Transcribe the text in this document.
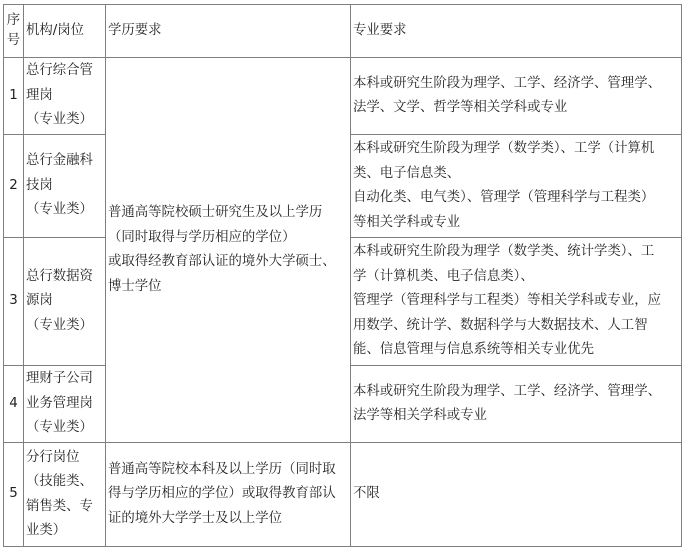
序
号	机构/岗位	学历要求	专业要求
1	总行综合管
理岗
（专业类）	普通高等院校硕士研究生及以上学历
（同时取得与学历相应的学位）
或取得经教育部认证的境外大学硕士、
博士学位	本科或研究生阶段为理学、工学、经济学、管理学、
法学、文学、哲学等相关学科或专业

2	总行金融科
技岗
（专业类）		本科或研究生阶段为理学（数学类）、工学（计算机
类、电子信息类、
自动化类、电气类）、管理学（管理科学与工程类）
等相关学科或专业

3	总行数据资
源岗
（专业类）		本科或研究生阶段为理学（数学类、统计学类）、工
学（计算机类、电子信息类）、
管理学（管理科学与工程类）等相关学科或专业，应
用数学、统计学、数据科学与大数据技术、人工智
能、信息管理与信息系统等相关专业优先

4	理财子公司
业务管理岗
（专业类）		本科或研究生阶段为理学、工学、经济学、管理学、
法学等相关学科或专业

5	分行岗位
（技能类、
销售类、专
业类）	普通高等院校本科及以上学历（同时取
得与学历相应的学位）或取得教育部认
证的境外大学学士及以上学位	不限
